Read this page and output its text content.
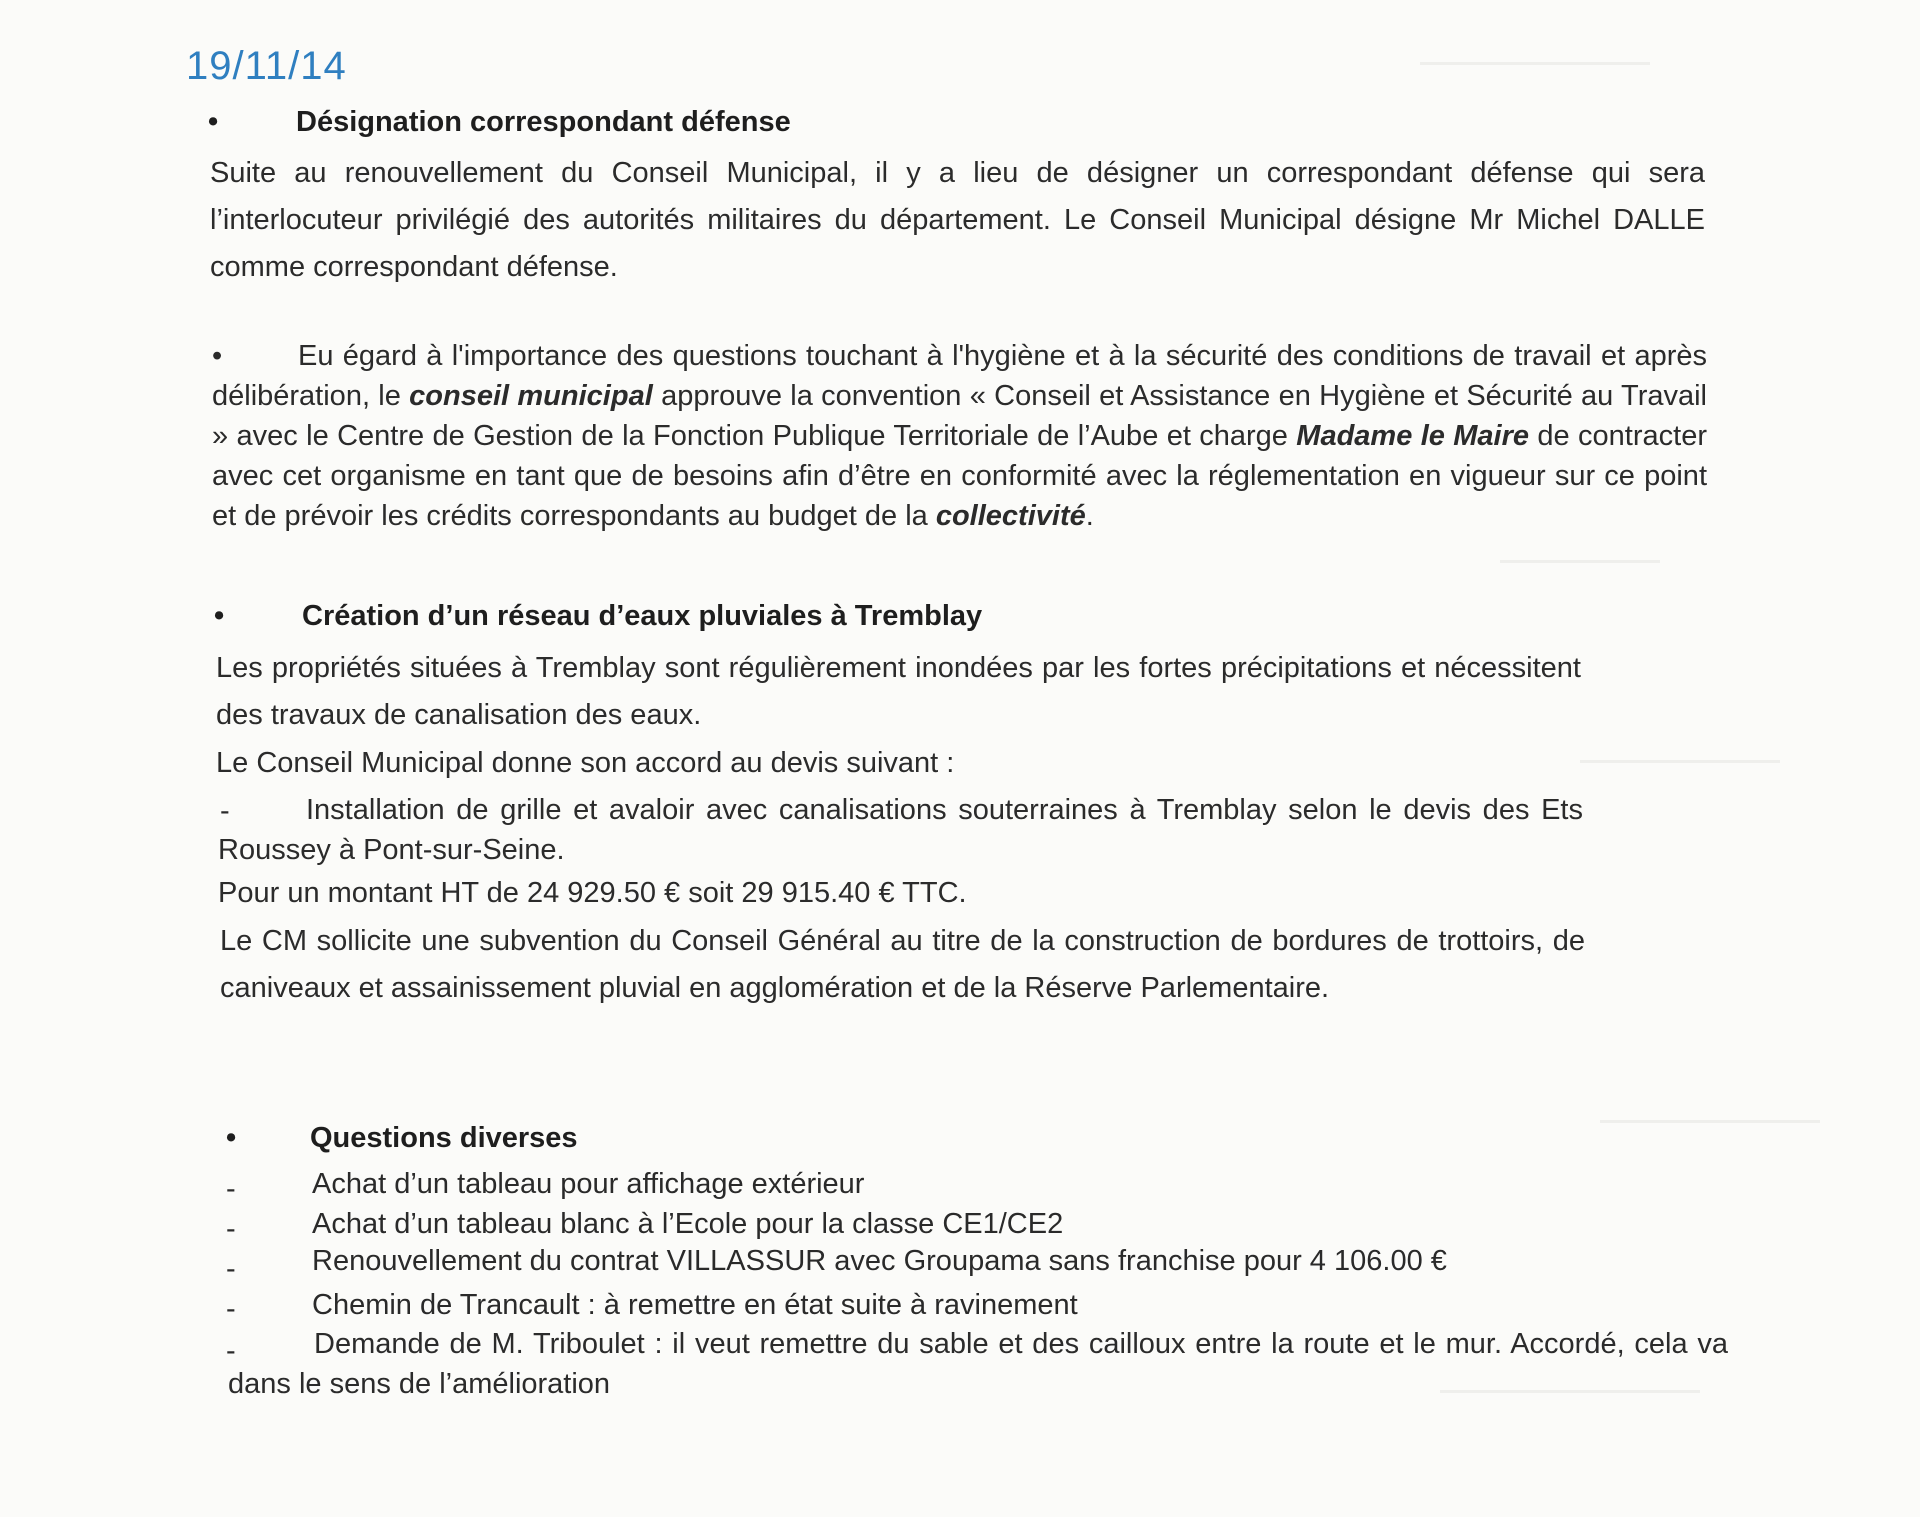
19/11/14
•	Désignation correspondant défense
Suite au renouvellement du Conseil Municipal, il y a lieu de désigner un correspondant défense qui sera l’interlocuteur privilégié des autorités militaires du département. Le Conseil Municipal désigne Mr Michel DALLE comme correspondant défense.
•	Eu égard à l'importance des questions touchant à l'hygiène et à la sécurité des conditions de travail et après délibération, le conseil municipal approuve la convention « Conseil et Assistance en Hygiène et Sécurité au Travail » avec le Centre de Gestion de la Fonction Publique Territoriale de l’Aube et charge Madame le Maire de contracter avec cet organisme en tant que de besoins afin d’être en conformité avec la réglementation en vigueur sur ce point et de prévoir les crédits correspondants au budget de la collectivité.
•	Création d’un réseau d’eaux pluviales à Tremblay
Les propriétés situées à Tremblay sont régulièrement inondées par les fortes précipitations et nécessitent des travaux de canalisation des eaux.
Le Conseil Municipal donne son accord au devis suivant :
-	Installation de grille et avaloir avec canalisations souterraines à Tremblay selon le devis des Ets Roussey à Pont-sur-Seine.
Pour un montant HT de 24 929.50 € soit 29 915.40 € TTC.
Le CM sollicite une subvention du Conseil Général au titre de la construction de bordures de trottoirs, de caniveaux et assainissement pluvial en agglomération et de la Réserve Parlementaire.
•	Questions diverses
-	Achat d’un tableau pour affichage extérieur
-	Achat d’un tableau blanc à l’Ecole pour la classe CE1/CE2
-	Renouvellement du contrat VILLASSUR avec Groupama sans franchise pour 4 106.00 €
-	Chemin de Trancault : à remettre en état suite à ravinement
-	Demande de M. Triboulet : il veut remettre du sable et des cailloux entre la route et le mur. Accordé, cela va dans le sens de l’amélioration
